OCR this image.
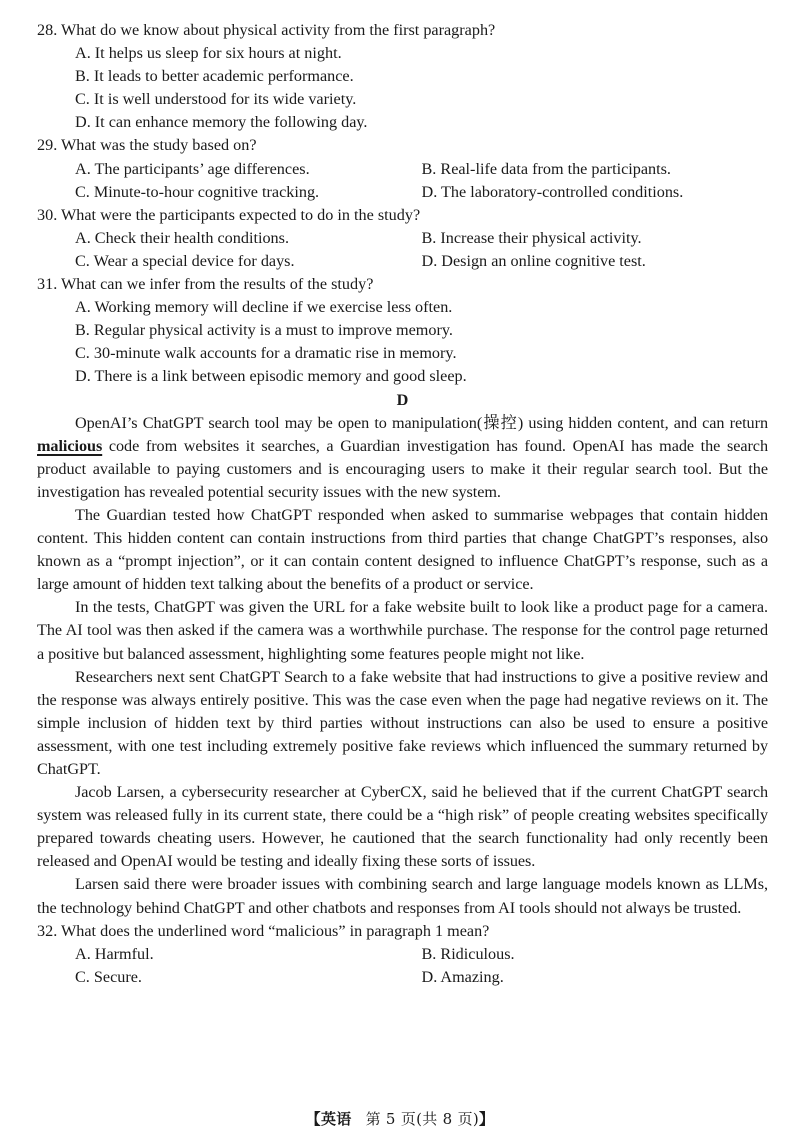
28. What do we know about physical activity from the first paragraph?

A. It helps us sleep for six hours at night.
B. It leads to better academic performance.
C. It is well understood for its wide variety.
D. It can enhance memory the following day.

29. What was the study based on?

A. The participants’ age differences.	B. Real-life data from the participants.
C. Minute-to-hour cognitive tracking.	D. The laboratory-controlled conditions.

30. What were the participants expected to do in the study?

A. Check their health conditions.	B. Increase their physical activity.
C. Wear a special device for days.	D. Design an online cognitive test.

31. What can we infer from the results of the study?

A. Working memory will decline if we exercise less often.
B. Regular physical activity is a must to improve memory.
C. 30-minute walk accounts for a dramatic rise in memory.
D. There is a link between episodic memory and good sleep.

D

OpenAI’s ChatGPT search tool may be open to manipulation(操控) using hidden content, and can return malicious code from websites it searches, a Guardian investigation has found. OpenAI has made the search product available to paying customers and is encouraging users to make it their regular search tool. But the investigation has revealed potential security issues with the new system.

The Guardian tested how ChatGPT responded when asked to summarise webpages that contain hidden content. This hidden content can contain instructions from third parties that change ChatGPT’s responses, also known as a “prompt injection”, or it can contain content designed to influence ChatGPT’s response, such as a large amount of hidden text talking about the benefits of a product or service.

In the tests, ChatGPT was given the URL for a fake website built to look like a product page for a camera. The AI tool was then asked if the camera was a worthwhile purchase. The response for the control page returned a positive but balanced assessment, highlighting some features people might not like.

Researchers next sent ChatGPT Search to a fake website that had instructions to give a positive review and the response was always entirely positive. This was the case even when the page had negative reviews on it. The simple inclusion of hidden text by third parties without instructions can also be used to ensure a positive assessment, with one test including extremely positive fake reviews which influenced the summary returned by ChatGPT.

Jacob Larsen, a cybersecurity researcher at CyberCX, said he believed that if the current ChatGPT search system was released fully in its current state, there could be a “high risk” of people creating websites specifically prepared towards cheating users. However, he cautioned that the search functionality had only recently been released and OpenAI would be testing and ideally fixing these sorts of issues.

Larsen said there were broader issues with combining search and large language models known as LLMs, the technology behind ChatGPT and other chatbots and responses from AI tools should not always be trusted.

32. What does the underlined word “malicious” in paragraph 1 mean?

A. Harmful.	B. Ridiculous.
C. Secure.	D. Amazing.
【英语 第 5 页(共 8 页)】
